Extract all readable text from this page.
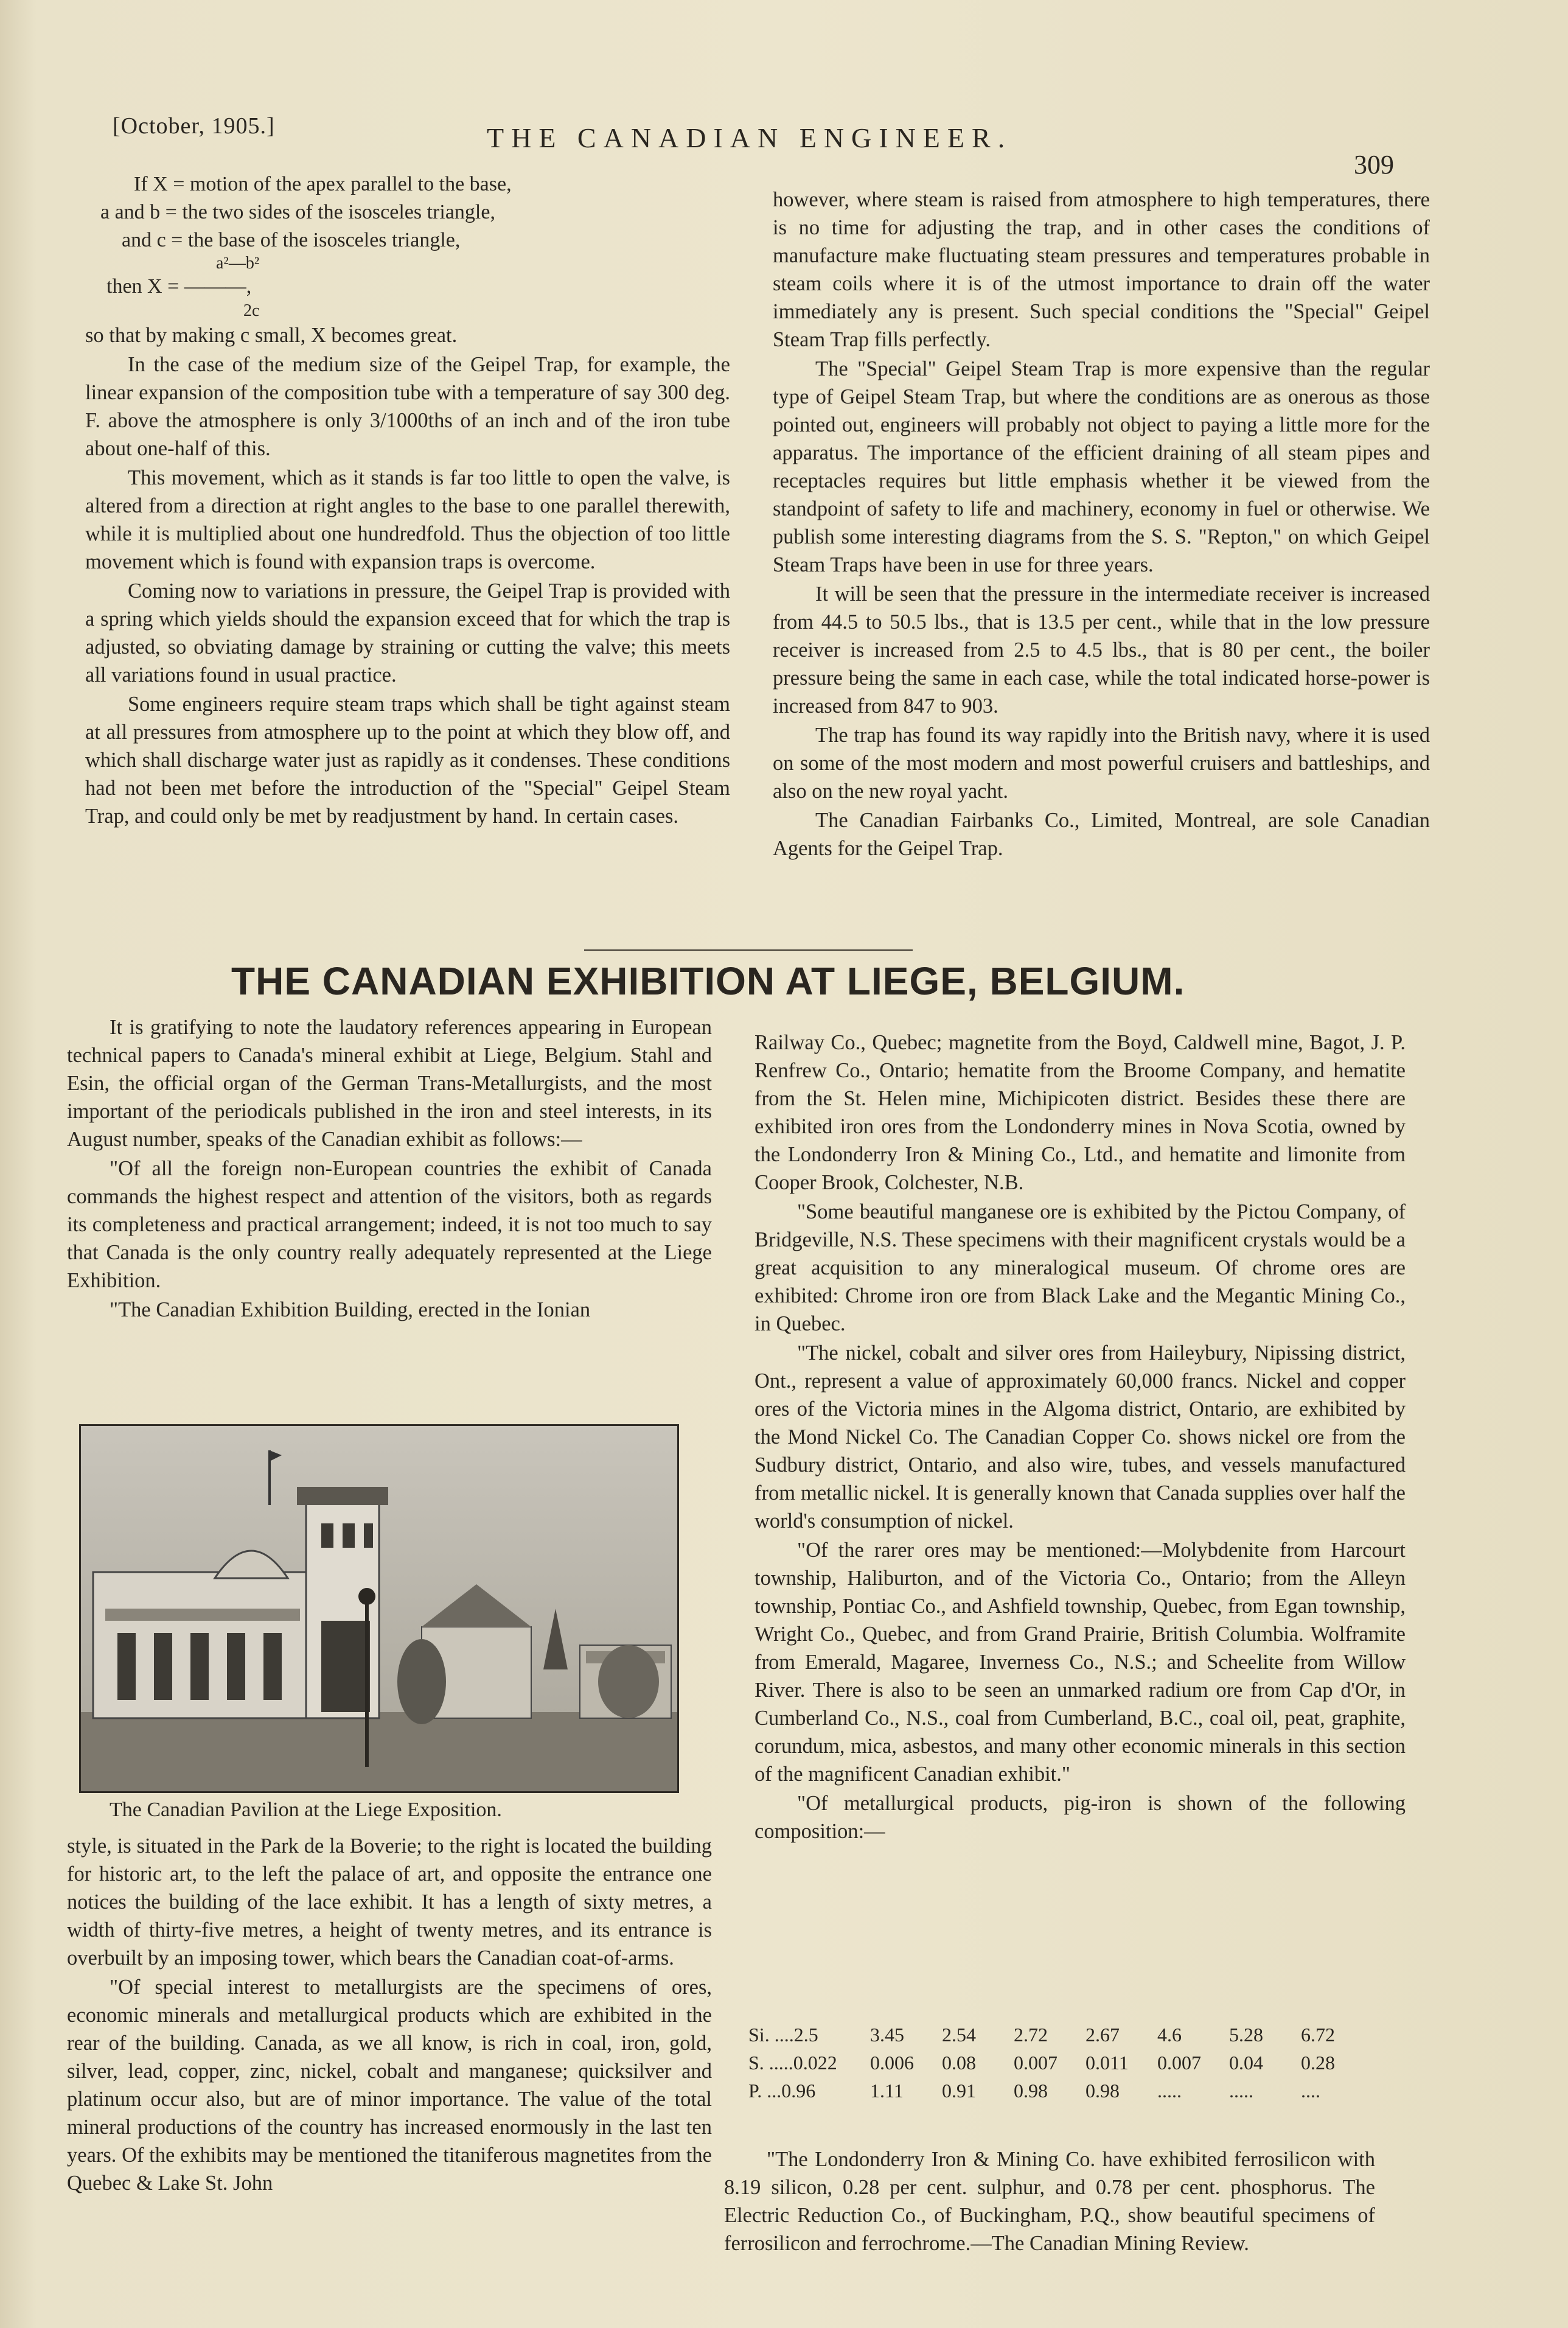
[October, 1905.]	THE CANADIAN ENGINEER.
309
If X = motion of the apex parallel to the base,
a and b = the two sides of the isosceles triangle,
and c = the base of the isosceles triangle,
a²—b²
then X = ———,
2c

so that by making c small, X becomes great.

In the case of the medium size of the Geipel Trap, for example, the linear expansion of the composition tube with a temperature of say 300 deg. F. above the atmosphere is only 3/1000ths of an inch and of the iron tube about one-half of this.

This movement, which as it stands is far too little to open the valve, is altered from a direction at right angles to the base to one parallel therewith, while it is multiplied about one hundredfold. Thus the objection of too little movement which is found with expansion traps is overcome.

Coming now to variations in pressure, the Geipel Trap is provided with a spring which yields should the expansion exceed that for which the trap is adjusted, so obviating damage by straining or cutting the valve; this meets all variations found in usual practice.

Some engineers require steam traps which shall be tight against steam at all pressures from atmosphere up to the point at which they blow off, and which shall discharge water just as rapidly as it condenses. These conditions had not been met before the introduction of the "Special" Geipel Steam Trap, and could only be met by readjustment by hand. In certain cases.

however, where steam is raised from atmosphere to high temperatures, there is no time for adjusting the trap, and in other cases the conditions of manufacture make fluctuating steam pressures and temperatures probable in steam coils where it is of the utmost importance to drain off the water immediately any is present. Such special conditions the "Special" Geipel Steam Trap fills perfectly.

The "Special" Geipel Steam Trap is more expensive than the regular type of Geipel Steam Trap, but where the conditions are as onerous as those pointed out, engineers will probably not object to paying a little more for the apparatus. The importance of the efficient draining of all steam pipes and receptacles requires but little emphasis whether it be viewed from the standpoint of safety to life and machinery, economy in fuel or otherwise. We publish some interesting diagrams from the S. S. "Repton," on which Geipel Steam Traps have been in use for three years.

It will be seen that the pressure in the intermediate receiver is increased from 44.5 to 50.5 lbs., that is 13.5 per cent., while that in the low pressure receiver is increased from 2.5 to 4.5 lbs., that is 80 per cent., the boiler pressure being the same in each case, while the total indicated horse-power is increased from 847 to 903.

The trap has found its way rapidly into the British navy, where it is used on some of the most modern and most powerful cruisers and battleships, and also on the new royal yacht.

The Canadian Fairbanks Co., Limited, Montreal, are sole Canadian Agents for the Geipel Trap.

THE CANADIAN EXHIBITION AT LIEGE, BELGIUM.

It is gratifying to note the laudatory references appearing in European technical papers to Canada's mineral exhibit at Liege, Belgium. Stahl and Esin, the official organ of the German Trans-Metallurgists, and the most important of the periodicals published in the iron and steel interests, in its August number, speaks of the Canadian exhibit as follows:—

"Of all the foreign non-European countries the exhibit of Canada commands the highest respect and attention of the visitors, both as regards its completeness and practical arrangement; indeed, it is not too much to say that Canada is the only country really adequately represented at the Liege Exhibition.

"The Canadian Exhibition Building, erected in the Ionian

The Canadian Pavilion at the Liege Exposition.

style, is situated in the Park de la Boverie; to the right is located the building for historic art, to the left the palace of art, and opposite the entrance one notices the building of the lace exhibit. It has a length of sixty metres, a width of thirty-five metres, a height of twenty metres, and its entrance is overbuilt by an imposing tower, which bears the Canadian coat-of-arms.

"Of special interest to metallurgists are the specimens of ores, economic minerals and metallurgical products which are exhibited in the rear of the building. Canada, as we all know, is rich in coal, iron, gold, silver, lead, copper, zinc, nickel, cobalt and manganese; quicksilver and platinum occur also, but are of minor importance. The value of the total mineral productions of the country has increased enormously in the last ten years. Of the exhibits may be mentioned the titaniferous magnetites from the Quebec & Lake St. John

Railway Co., Quebec; magnetite from the Boyd, Caldwell mine, Bagot, J. P. Renfrew Co., Ontario; hematite from the Broome Company, and hematite from the St. Helen mine, Michipicoten district. Besides these there are exhibited iron ores from the Londonderry mines in Nova Scotia, owned by the Londonderry Iron & Mining Co., Ltd., and hematite and limonite from Cooper Brook, Colchester, N.B.

"Some beautiful manganese ore is exhibited by the Pictou Company, of Bridgeville, N.S. These specimens with their magnificent crystals would be a great acquisition to any mineralogical museum. Of chrome ores are exhibited: Chrome iron ore from Black Lake and the Megantic Mining Co., in Quebec.

"The nickel, cobalt and silver ores from Haileybury, Nipissing district, Ont., represent a value of approximately 60,000 francs. Nickel and copper ores of the Victoria mines in the Algoma district, Ontario, are exhibited by the Mond Nickel Co. The Canadian Copper Co. shows nickel ore from the Sudbury district, Ontario, and also wire, tubes, and vessels manufactured from metallic nickel. It is generally known that Canada supplies over half the world's consumption of nickel.

"Of the rarer ores may be mentioned:—Molybdenite from Harcourt township, Haliburton, and of the Victoria Co., Ontario; from the Alleyn township, Pontiac Co., and Ashfield township, Quebec, from Egan township, Wright Co., Quebec, and from Grand Prairie, British Columbia. Wolframite from Emerald, Magaree, Inverness Co., N.S.; and Scheelite from Willow River. There is also to be seen an unmarked radium ore from Cap d'Or, in Cumberland Co., N.S., coal from Cumberland, B.C., coal oil, peat, graphite, corundum, mica, asbestos, and many other economic minerals in this section of the magnificent Canadian exhibit."

"Of metallurgical products, pig-iron is shown of the following composition:—

Si. ....2.5	3.45	2.54	2.72	2.67	4.6	5.28	6.72
S. .....0.022	0.006	0.08	0.007	0.011	0.007	0.04	0.28
P. ...0.96	1.11	0.91	0.98	0.98	.....	.....	....

"The Londonderry Iron & Mining Co. have exhibited ferrosilicon with 8.19 silicon, 0.28 per cent. sulphur, and 0.78 per cent. phosphorus. The Electric Reduction Co., of Buckingham, P.Q., show beautiful specimens of ferrosilicon and ferrochrome.—The Canadian Mining Review.
